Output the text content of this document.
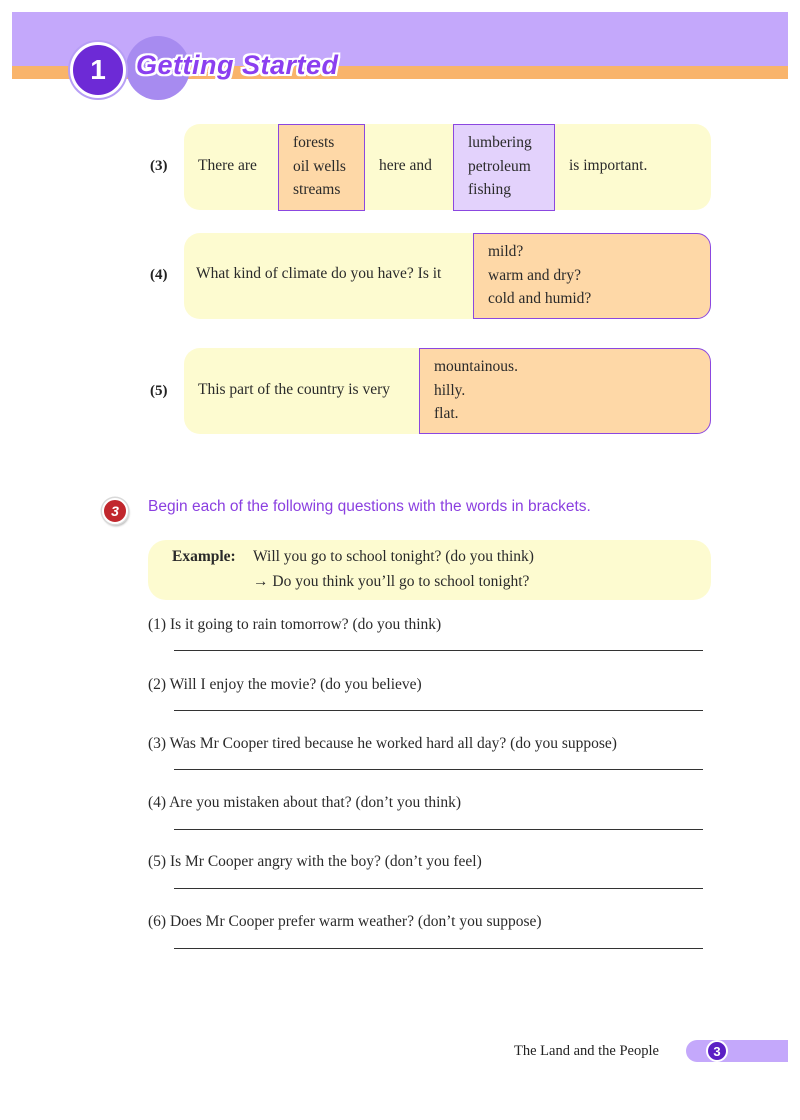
1	Getting Started
(3) There are
forests
oil wells
streams
here and
lumbering
petroleum
fishing
is important.
(4) What kind of climate do you have? Is it
mild?
warm and dry?
cold and humid?
(5) This part of the country is very
mountainous.
hilly.
flat.
3	Begin each of the following questions with the words in brackets.
Example: Will you go to school tonight? (do you think)
→ Do you think you’ll go to school tonight?
(1) Is it going to rain tomorrow? (do you think)
(2) Will I enjoy the movie? (do you believe)
(3) Was Mr Cooper tired because he worked hard all day? (do you suppose)
(4) Are you mistaken about that? (don’t you think)
(5) Is Mr Cooper angry with the boy? (don’t you feel)
(6) Does Mr Cooper prefer warm weather? (don’t you suppose)
The Land and the People	3
